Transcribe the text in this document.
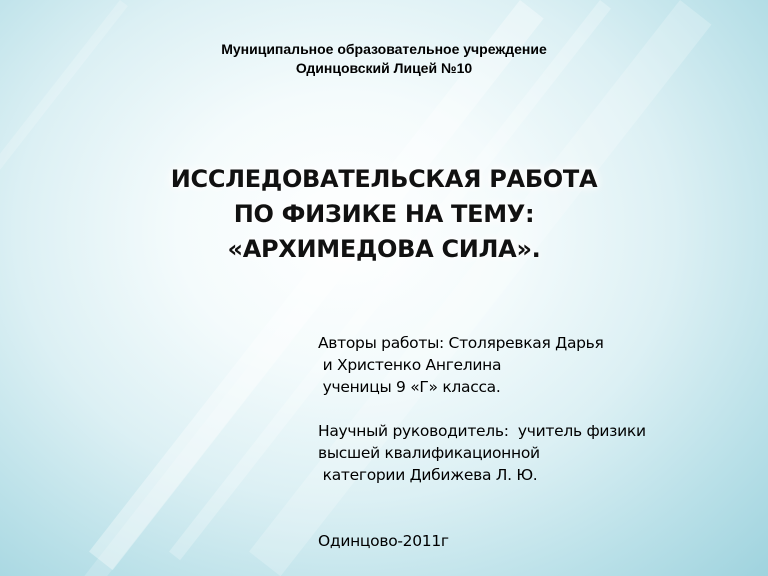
Муниципальное образовательное учреждение
Одинцовский Лицей №10
ИССЛЕДОВАТЕЛЬСКАЯ РАБОТА
ПО ФИЗИКЕ НА ТЕМУ:
«АРХИМЕДОВА СИЛА».
Авторы работы: Столяревкая Дарья
и Христенко Ангелина
ученицы 9 «Г» класса.
Научный руководитель:  учитель физики
высшей квалификационной
категории Дибижева Л. Ю.
Одинцово-2011г
